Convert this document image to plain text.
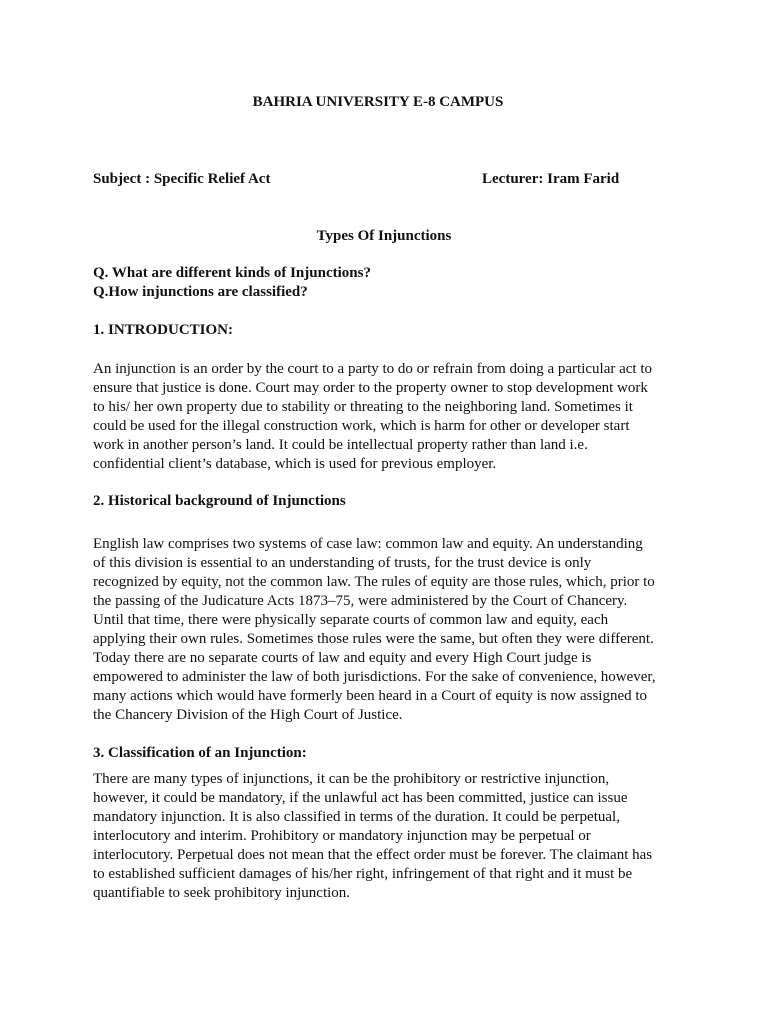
BAHRIA UNIVERSITY E-8 CAMPUS
Subject : Specific Relief Act	Lecturer: Iram Farid
Types Of Injunctions
Q. What are different kinds of Injunctions?
Q.How injunctions are classified?
1. INTRODUCTION:
An injunction is an order by the court to a party to do or refrain from doing a particular act to
ensure that justice is done. Court may order to the property owner to stop development work
to his/ her own property due to stability or threating to the neighboring land. Sometimes it
could be used for the illegal construction work, which is harm for other or developer start
work in another person’s land. It could be intellectual property rather than land i.e.
confidential client’s database, which is used for previous employer.
2. Historical background of Injunctions
English law comprises two systems of case law: common law and equity. An understanding
of this division is essential to an understanding of trusts, for the trust device is only
recognized by equity, not the common law. The rules of equity are those rules, which, prior to
the passing of the Judicature Acts 1873–75, were administered by the Court of Chancery.
Until that time, there were physically separate courts of common law and equity, each
applying their own rules. Sometimes those rules were the same, but often they were different.
Today there are no separate courts of law and equity and every High Court judge is
empowered to administer the law of both jurisdictions. For the sake of convenience, however,
many actions which would have formerly been heard in a Court of equity is now assigned to
the Chancery Division of the High Court of Justice.
3. Classification of an Injunction:
There are many types of injunctions, it can be the prohibitory or restrictive injunction,
however, it could be mandatory, if the unlawful act has been committed, justice can issue
mandatory injunction. It is also classified in terms of the duration. It could be perpetual,
interlocutory and interim. Prohibitory or mandatory injunction may be perpetual or
interlocutory. Perpetual does not mean that the effect order must be forever. The claimant has
to established sufficient damages of his/her right, infringement of that right and it must be
quantifiable to seek prohibitory injunction.
